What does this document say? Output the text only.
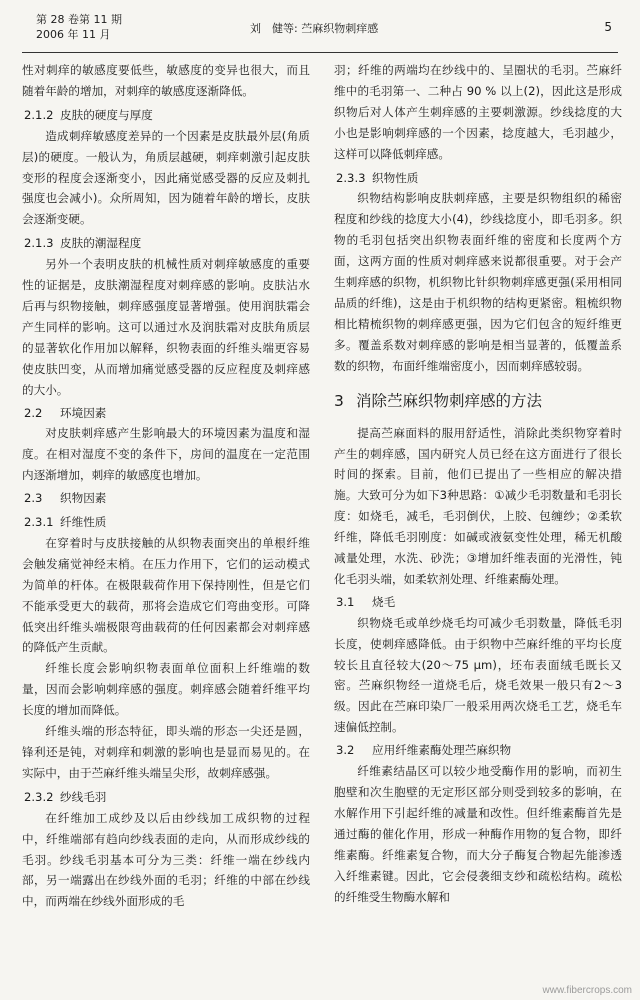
第 28 卷第 11 期
2006 年 11 月	刘　健等: 苎麻织物刺痒感	5

性对刺痒的敏感度要低些，敏感度的变异也很大，而且随着年龄的增加，对刺痒的敏感度逐渐降低。

2.1.2 皮肤的硬度与厚度

造成刺痒敏感度差异的一个因素是皮肤最外层(角质层)的硬度。一般认为，角质层越硬，刺痒刺激引起皮肤变形的程度会逐渐变小，因此痛觉感受器的反应及刺扎强度也会减小)。众所周知，因为随着年龄的增长，皮肤会逐渐变硬。

2.1.3 皮肤的潮湿程度

另外一个表明皮肤的机械性质对刺痒敏感度的重要性的证据是，皮肤潮湿程度对刺痒感的影响。皮肤沾水后再与织物接触，刺痒感强度显著增强。使用润肤霜会产生同样的影响。这可以通过水及润肤霜对皮肤角质层的显著软化作用加以解释，织物表面的纤维头端更容易使皮肤凹变，从而增加痛觉感受器的反应程度及刺痒感的大小。

2.2 环境因素

对皮肤刺痒感产生影响最大的环境因素为温度和湿度。在相对湿度不变的条件下，房间的温度在一定范围内逐渐增加，刺痒的敏感度也增加。

2.3 织物因素
2.3.1 纤维性质

在穿着时与皮肤接触的从织物表面突出的单根纤维会触发痛觉神经末梢。在压力作用下，它们的运动模式为简单的杆体。在极限载荷作用下保持刚性，但是它们不能承受更大的载荷，那将会造成它们弯曲变形。可降低突出纤维头端极限弯曲载荷的任何因素都会对刺痒感的降低产生贡献。

纤维长度会影响织物表面单位面积上纤维端的数量，因而会影响刺痒感的强度。刺痒感会随着纤维平均长度的增加而降低。

纤维头端的形态特征，即头端的形态一尖还是圆，锋利还是钝，对刺痒和刺激的影响也是显而易见的。在实际中，由于苎麻纤维头端呈尖形，故刺痒感强。

2.3.2 纱线毛羽

在纤维加工成纱及以后由纱线加工成织物的过程中，纤维端部有趋向纱线表面的走向，从而形成纱线的毛羽。纱线毛羽基本可分为三类：纤维一端在纱线内部，另一端露出在纱线外面的毛羽；纤维的中部在纱线中，而两端在纱线外面形成的毛

羽；纤维的两端均在纱线中的、呈圈状的毛羽。苎麻纤维中的毛羽第一、二种占 90 % 以上(2)，因此这是形成织物后对人体产生刺痒感的主要刺激源。纱线捻度的大小也是影响刺痒感的一个因素，捻度越大，毛羽越少，这样可以降低刺痒感。

2.3.3 织物性质

织物结构影响皮肤刺痒感，主要是织物组织的稀密程度和纱线的捻度大小(4)，纱线捻度小，即毛羽多。织物的毛羽包括突出织物表面纤维的密度和长度两个方面，这两方面的性质对刺痒感来说都很重要。对于会产生刺痒感的织物，机织物比针织物刺痒感更强(采用相同品质的纤维)，这是由于机织物的结构更紧密。粗梳织物相比精梳织物的刺痒感更强，因为它们包含的短纤维更多。覆盖系数对刺痒感的影响是相当显著的，低覆盖系数的织物，布面纤维端密度小，因而刺痒感较弱。

3 消除苎麻织物刺痒感的方法

提高苎麻面料的服用舒适性，消除此类织物穿着时产生的刺痒感，国内研究人员已经在这方面进行了很长时间的探索。目前，他们已提出了一些相应的解决措施。大致可分为如下3种思路：①减少毛羽数量和毛羽长度：如烧毛，减毛，毛羽倒伏，上胶、包缠纱；②柔软纤维，降低毛羽刚度：如碱或液氨变性处理，稀无机酸减量处理，水洗、砂洗；③增加纤维表面的光滑性，钝化毛羽头端，如柔软剂处理、纤维素酶处理。

3.1 烧毛

织物烧毛或单纱烧毛均可减少毛羽数量，降低毛羽长度，使刺痒感降低。由于织物中苎麻纤维的平均长度较长且直径较大(20～75 μm)，坯布表面绒毛既长又密。苎麻织物经一道烧毛后，烧毛效果一般只有2～3级。因此在苎麻印染厂一般采用两次烧毛工艺，烧毛车速偏低控制。

3.2 应用纤维素酶处理苎麻织物

纤维素结晶区可以较少地受酶作用的影响，而初生胞壁和次生胞壁的无定形区部分则受到较多的影响，在水解作用下引起纤维的减量和改性。但纤维素酶首先是通过酶的催化作用，形成一种酶作用物的复合物，即纤维素酶。纤维素复合物，而大分子酶复合物起先能渗透入纤维素键。因此，它会侵袭细支纱和疏松结构。疏松的纤维受生物酶水解和

www.fibercrops.com
